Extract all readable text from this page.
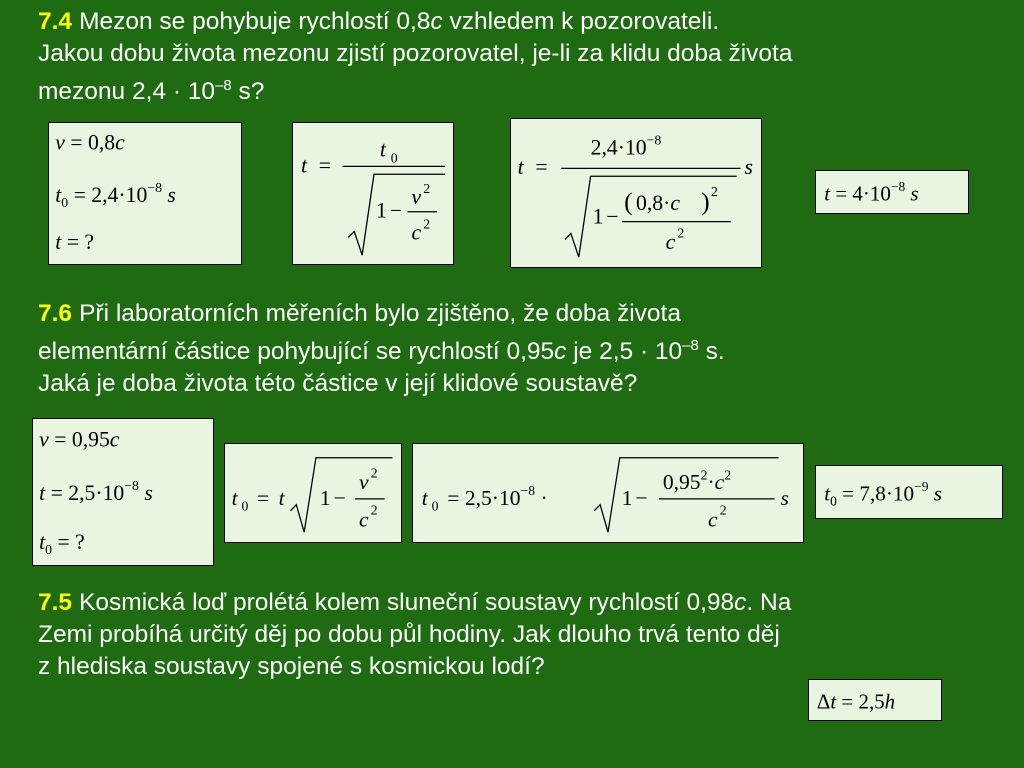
7.4 Mezon se pohybuje rychlostí 0,8c vzhledem k pozorovateli.
Jakou dobu života mezonu zjistí pozorovatel, je-li za klidu doba života
mezonu $2,4 \cdot 10^{-8}$ s?
v = 0,8c
$t_0 = 2,4\cdot 10^{-8}$ s
t = ?
t =
t 0
1 −
v 2
c 2
t =
$2,4\cdot 10^{-8}$
s
1 −
( 0,8·c ) 2
c 2
$t = 4\cdot 10^{-8}$ s
7.6 Při laboratorních měřeních bylo zjištěno, že doba života
elementární částice pohybující se rychlostí 0,95c je $2,5 \cdot 10^{-8}$ s.
Jaká je doba života této částice v její klidové soustavě?
v = 0,95c
$t = 2,5\cdot 10^{-8}$ s
$t_0$ = ?
t 0 = t 1 −
v 2
c 2
t $0 = 2,5\cdot 10^{-8}$ ·	1 −
$0,95^2\cdot c^2$
c 2
s $t_0 = 7,8\cdot 10^{-9}$ s
7.5 Kosmická loď prolétá kolem sluneční soustavy rychlostí 0,98c. Na
Zemi probíhá určitý děj po dobu půl hodiny. Jak dlouho trvá tento děj
z hlediska soustavy spojené s kosmickou lodí?
Δt = 2,5h
